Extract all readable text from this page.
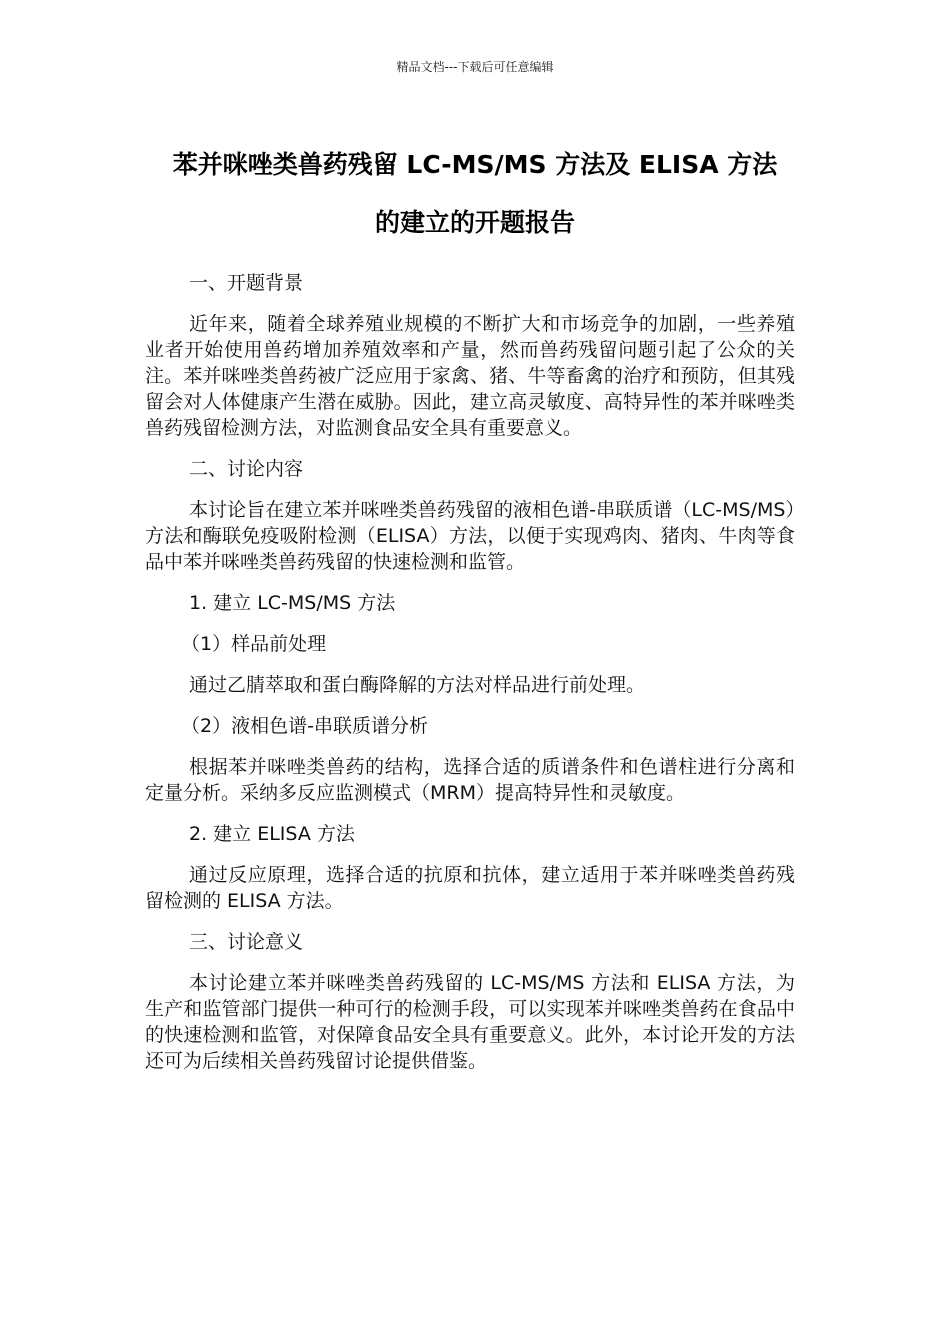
精品文档---下载后可任意编辑
苯并咪唑类兽药残留 LC-MS/MS 方法及 ELISA 方法
的建立的开题报告

一、开题背景

近年来，随着全球养殖业规模的不断扩大和市场竞争的加剧，一些养殖业者开始使用兽药增加养殖效率和产量，然而兽药残留问题引起了公众的关注。苯并咪唑类兽药被广泛应用于家禽、猪、牛等畜禽的治疗和预防，但其残留会对人体健康产生潜在威胁。因此，建立高灵敏度、高特异性的苯并咪唑类兽药残留检测方法，对监测食品安全具有重要意义。

二、讨论内容

本讨论旨在建立苯并咪唑类兽药残留的液相色谱-串联质谱（LC-MS/MS）方法和酶联免疫吸附检测（ELISA）方法，以便于实现鸡肉、猪肉、牛肉等食品中苯并咪唑类兽药残留的快速检测和监管。

1. 建立 LC-MS/MS 方法

（1）样品前处理

通过乙腈萃取和蛋白酶降解的方法对样品进行前处理。

（2）液相色谱-串联质谱分析

根据苯并咪唑类兽药的结构，选择合适的质谱条件和色谱柱进行分离和定量分析。采纳多反应监测模式（MRM）提高特异性和灵敏度。

2. 建立 ELISA 方法

通过反应原理，选择合适的抗原和抗体，建立适用于苯并咪唑类兽药残留检测的 ELISA 方法。

三、讨论意义

本讨论建立苯并咪唑类兽药残留的 LC-MS/MS 方法和 ELISA 方法，为生产和监管部门提供一种可行的检测手段，可以实现苯并咪唑类兽药在食品中的快速检测和监管，对保障食品安全具有重要意义。此外，本讨论开发的方法还可为后续相关兽药残留讨论提供借鉴。
